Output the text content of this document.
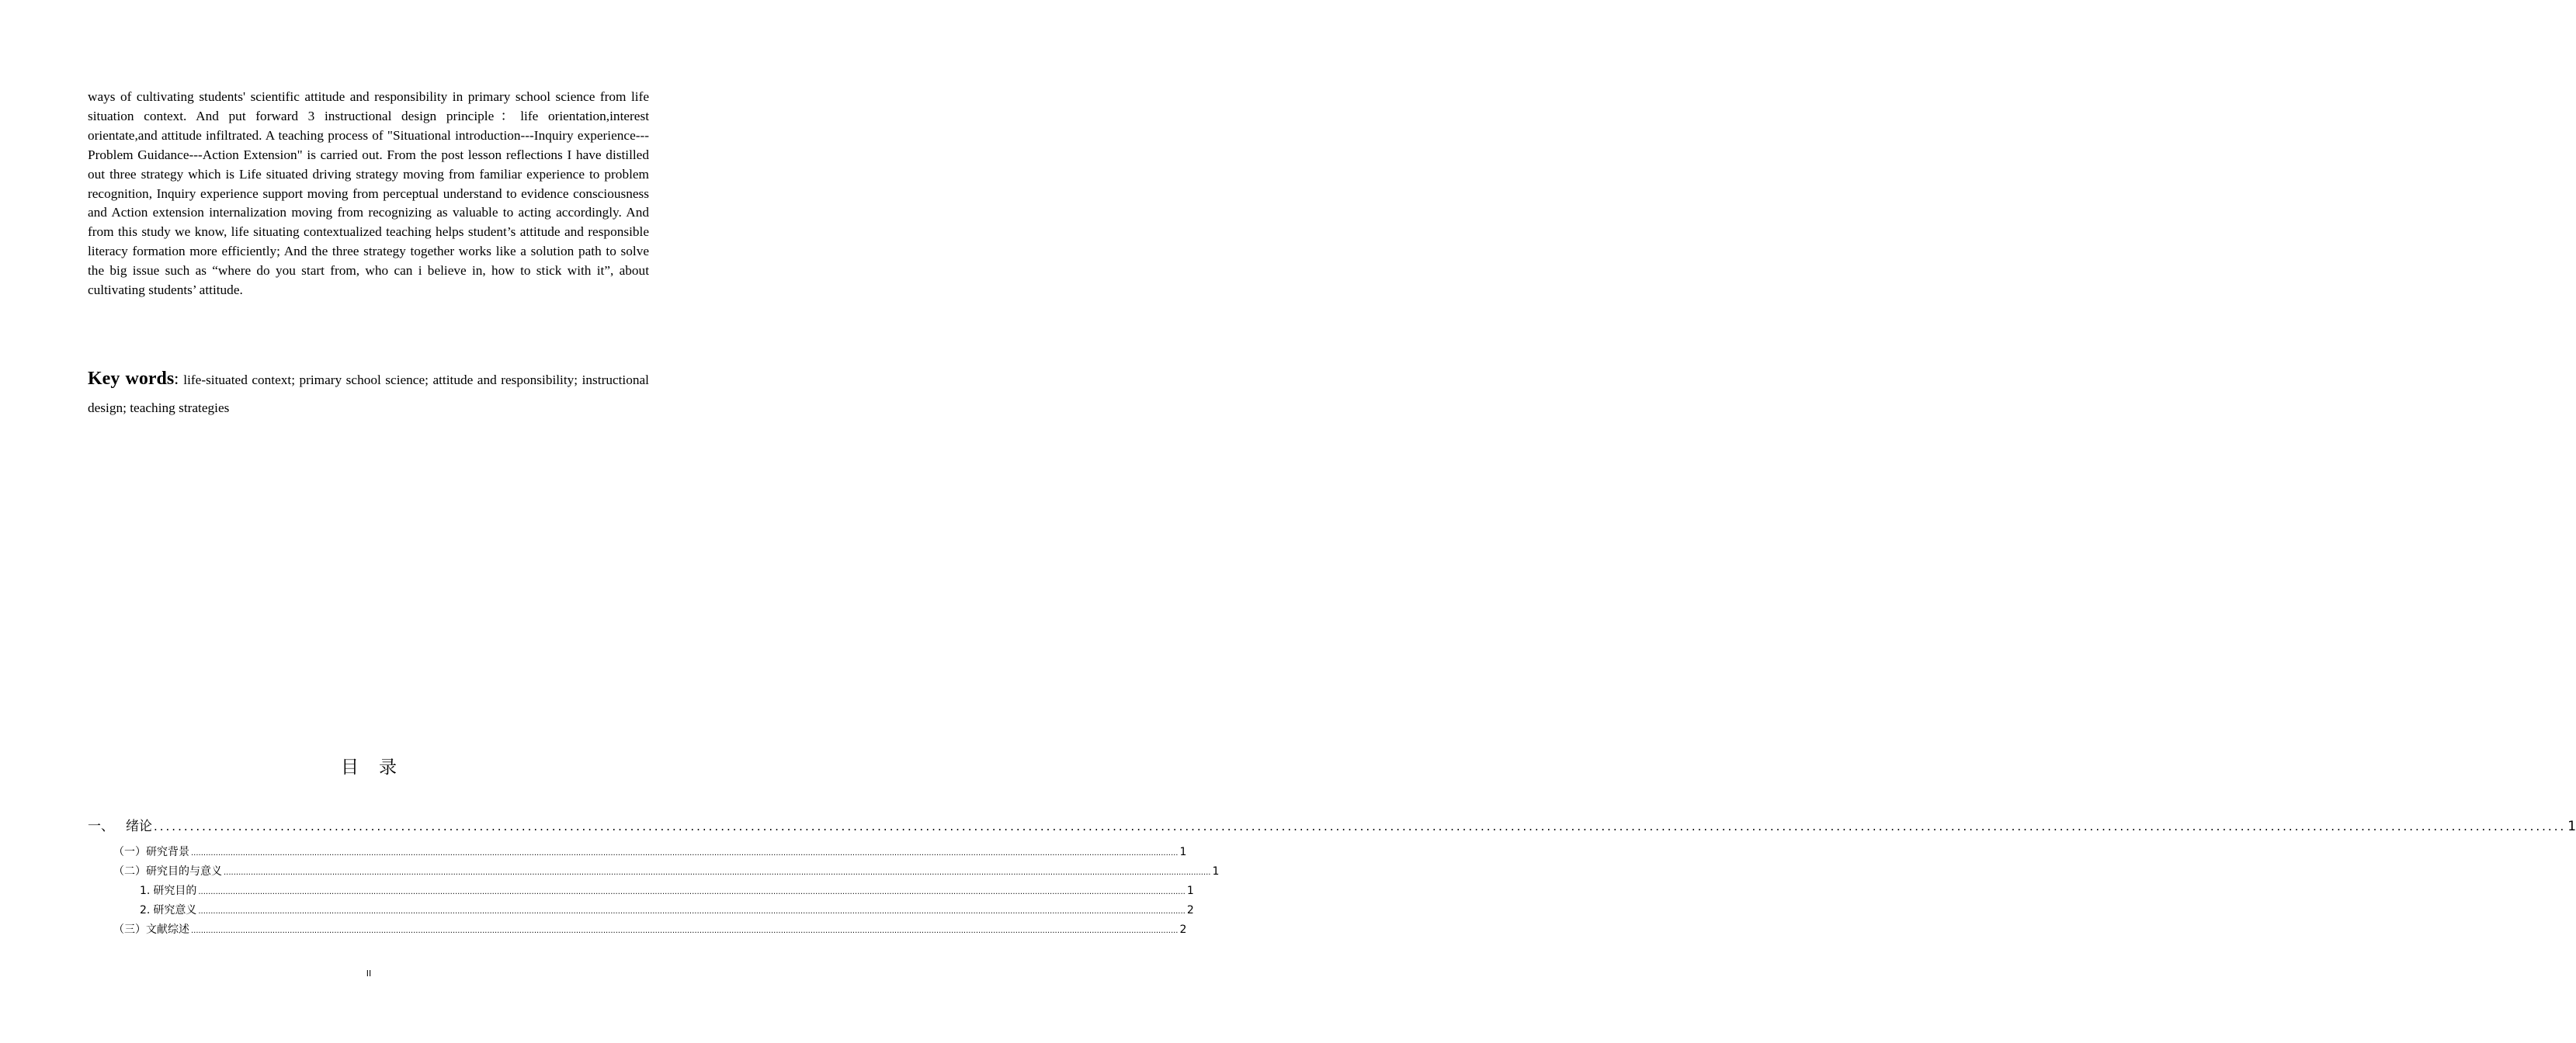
ways of cultivating students' scientific attitude and responsibility in primary school science from life situation context. And put forward 3 instructional design principle：life orientation,interest orientate,and attitude infiltrated. A teaching process of "Situational introduction---Inquiry experience---Problem Guidance---Action Extension" is carried out. From the post lesson reflections I have distilled out three strategy which is Life situated driving strategy moving from familiar experience to problem recognition, Inquiry experience support moving from perceptual understand to evidence consciousness and Action extension internalization moving from recognizing as valuable to acting accordingly. And from this study we know, life situating contextualized teaching helps student’s attitude and responsible literacy formation more efficiently; And the three strategy together works like a solution path to solve the big issue such as “where do you start from, who can i believe in, how to stick with it”, about cultivating students’ attitude.

Key words: life-situated context; primary school science; attitude and responsibility; instructional design; teaching strategies

目录
一、 绪论 ................................................................................................................................................................................................................................................................................................................................................................................................................ 1
（一） 研究背景 ................................................................................................................................................................................................................................................................................................................................................................................................................ 1
（二） 研究目的与意义 ................................................................................................................................................................................................................................................................................................................................................................................................................ 1
1. 研究目的 ................................................................................................................................................................................................................................................................................................................................................................................................................ 1
2. 研究意义 ................................................................................................................................................................................................................................................................................................................................................................................................................ 2
（三） 文献综述 ................................................................................................................................................................................................................................................................................................................................................................................................................ 2
II
